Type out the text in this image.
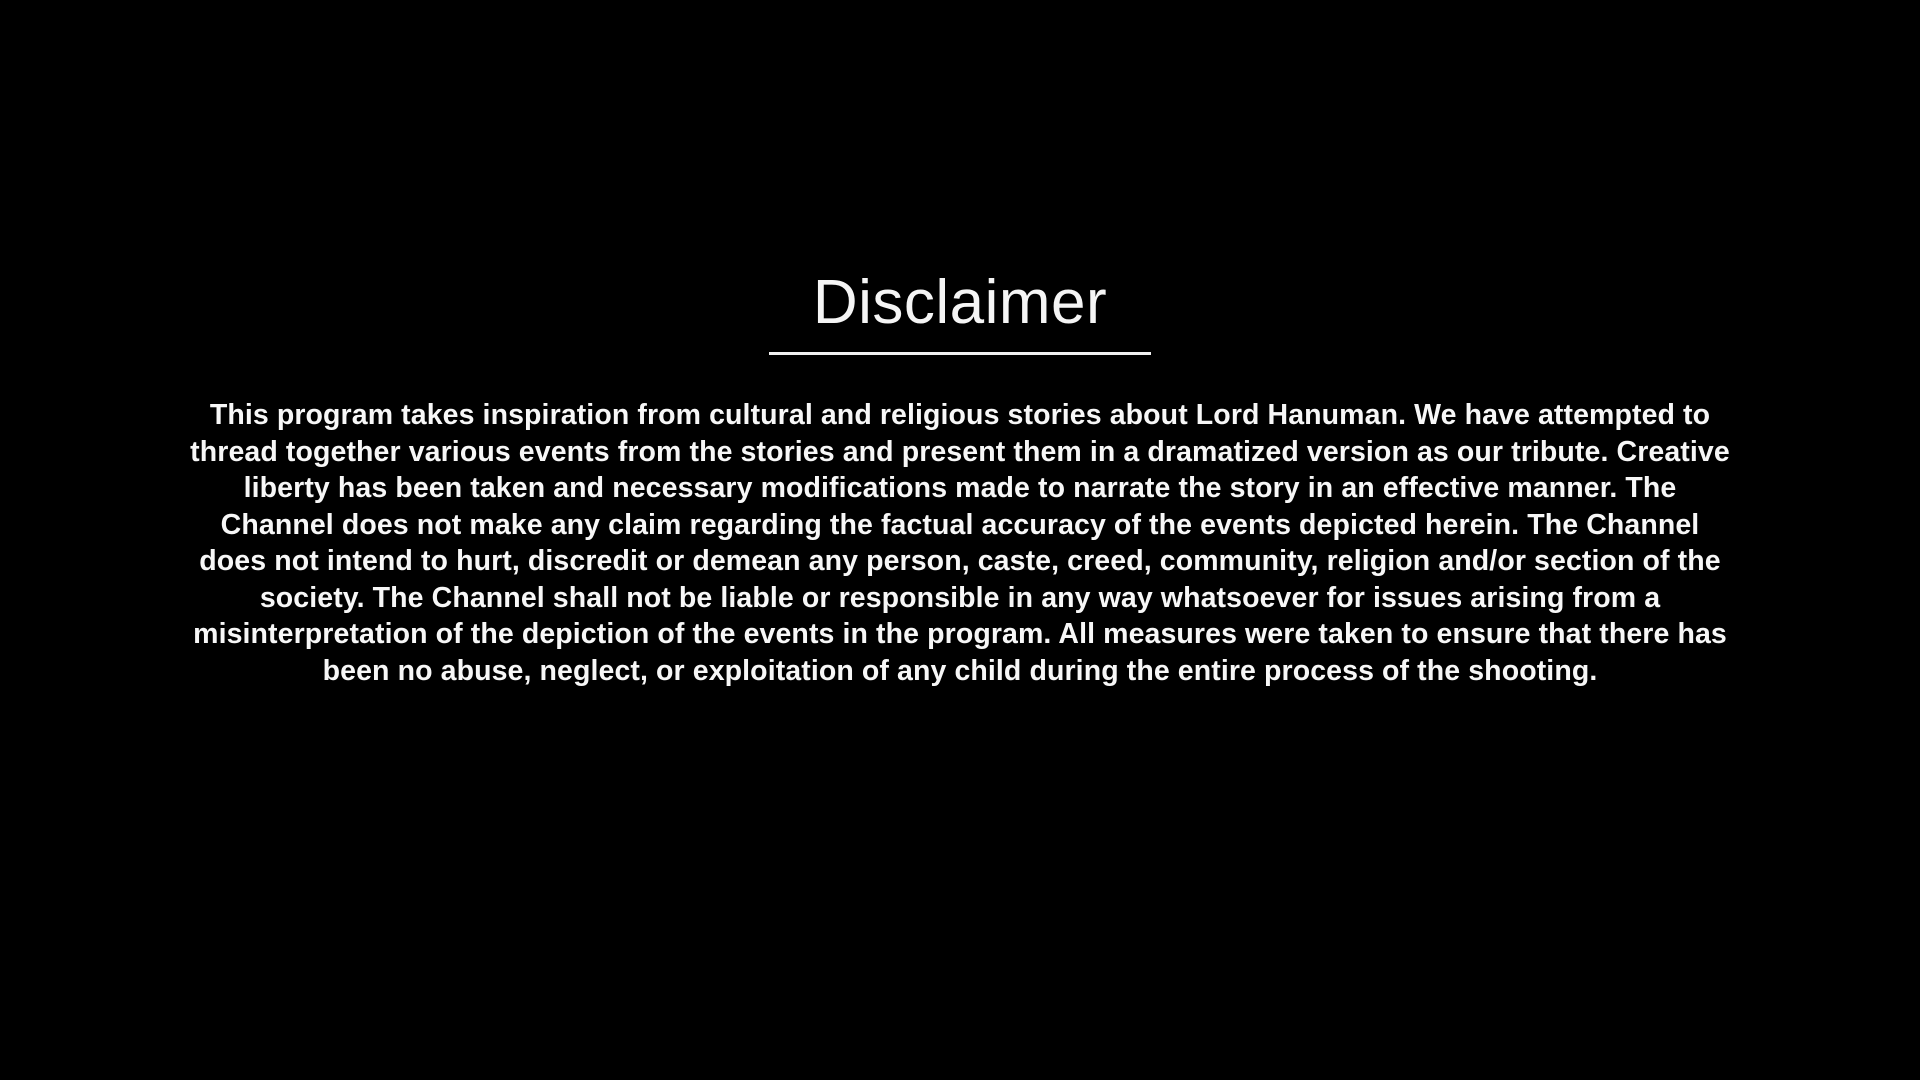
Disclaimer

This program takes inspiration from cultural and religious stories about Lord Hanuman. We have attempted to thread together various events from the stories and present them in a dramatized version as our tribute. Creative liberty has been taken and necessary modifications made to narrate the story in an effective manner. The Channel does not make any claim regarding the factual accuracy of the events depicted herein. The Channel does not intend to hurt, discredit or demean any person, caste, creed, community, religion and/or section of the society. The Channel shall not be liable or responsible in any way whatsoever for issues arising from a misinterpretation of the depiction of the events in the program. All measures were taken to ensure that there has been no abuse, neglect, or exploitation of any child during the entire process of the shooting.
